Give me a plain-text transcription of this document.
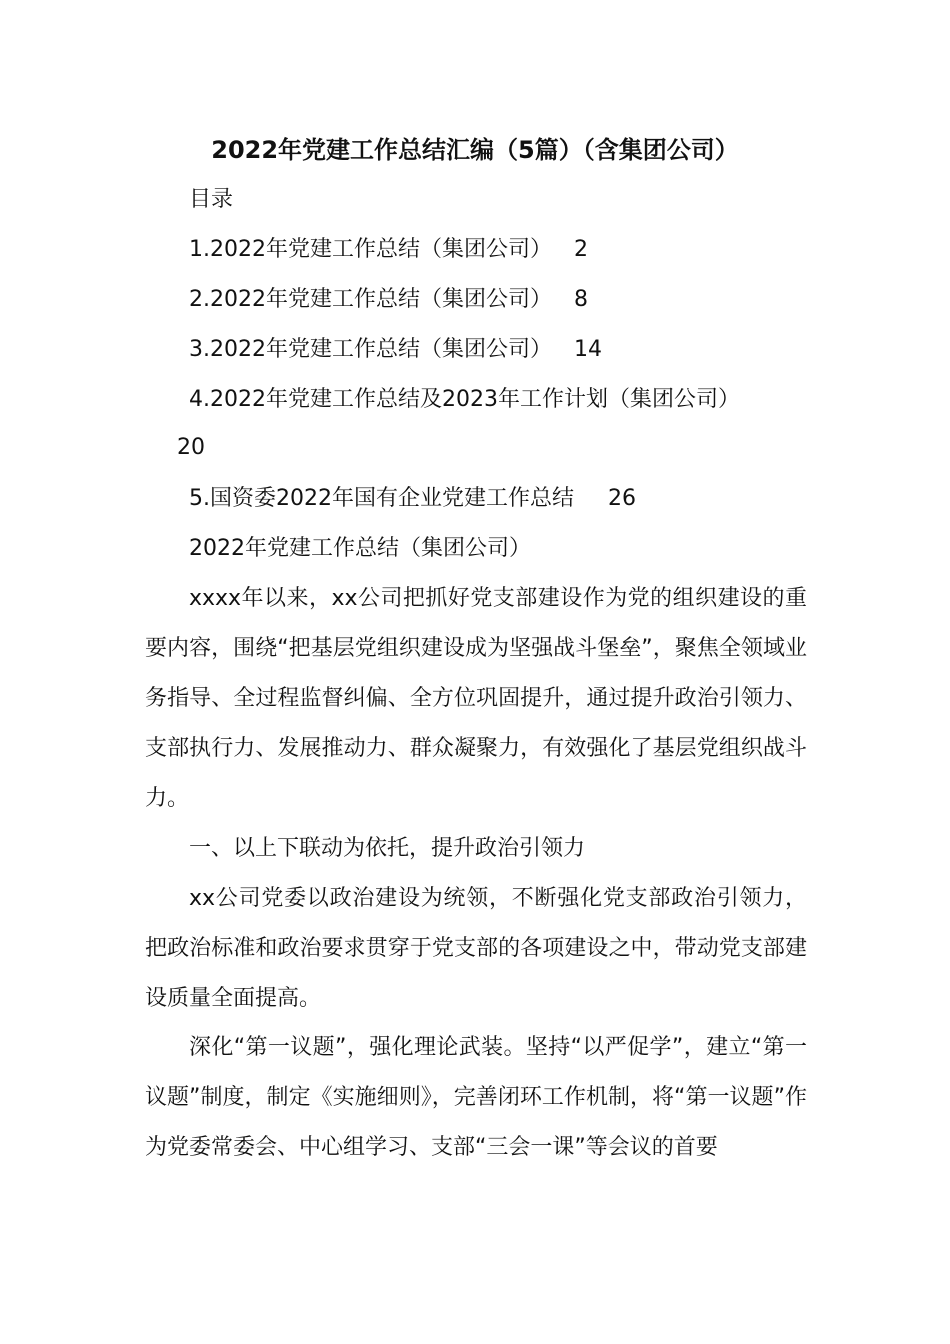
2022年党建工作总结汇编（5篇）（含集团公司）
目录
1.2022年党建工作总结（集团公司） 2
2.2022年党建工作总结（集团公司） 8
3.2022年党建工作总结（集团公司） 14
4.2022年党建工作总结及2023年工作计划（集团公司）
20
5.国资委2022年国有企业党建工作总结 26
2022年党建工作总结（集团公司）

xxxx年以来，xx公司把抓好党支部建设作为党的组织建设的重要内容，围绕“把基层党组织建设成为坚强战斗堡垒”，聚焦全领域业务指导、全过程监督纠偏、全方位巩固提升，通过提升政治引领力、支部执行力、发展推动力、群众凝聚力，有效强化了基层党组织战斗力。

一、以上下联动为依托，提升政治引领力

xx公司党委以政治建设为统领，不断强化党支部政治引领力，把政治标准和政治要求贯穿于党支部的各项建设之中，带动党支部建设质量全面提高。

深化“第一议题”，强化理论武装。坚持“以严促学”，建立“第一议题”制度，制定《实施细则》，完善闭环工作机制，将“第一议题”作为党委常委会、中心组学习、支部“三会一课”等会议的首要
